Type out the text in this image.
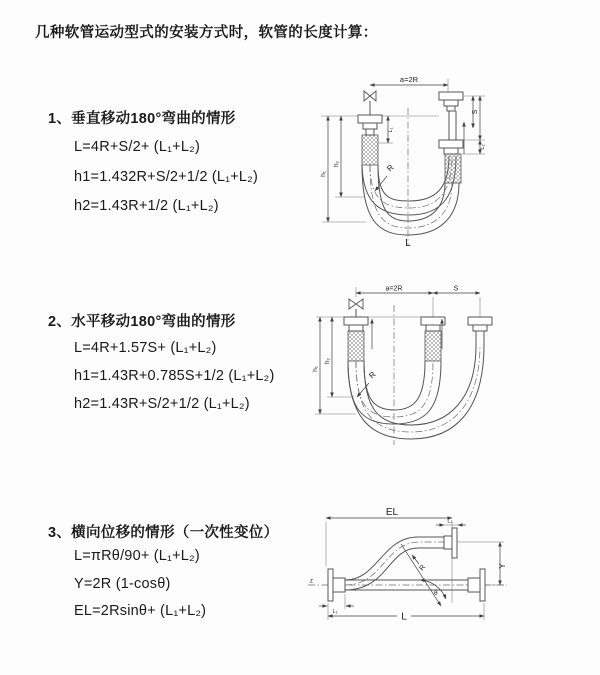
几种软管运动型式的安装方式时，软管的长度计算：
1、垂直移动180°弯曲的情形
L=4R+S/2+ (L₁+L₂)
h1=1.432R+S/2+1/2 (L₁+L₂)
h2=1.43R+1/2 (L₁+L₂)
2、水平移动180°弯曲的情形
L=4R+1.57S+ (L₁+L₂)
h1=1.43R+0.785S+1/2 (L₁+L₂)
h2=1.43R+S/2+1/2 (L₁+L₂)
3、横向位移的情形（一次性变位）
L=πRθ/90+ (L₁+L₂)
Y=2R (1-cosθ)
EL=2Rsinθ+ (L₁+L₂)
a=2R
S
L₂
L₁
h₁
h₂	R
L
a=2R	S
h₁
h₂
R
EL
L
Y
L₁
L₂
R
θ
z
